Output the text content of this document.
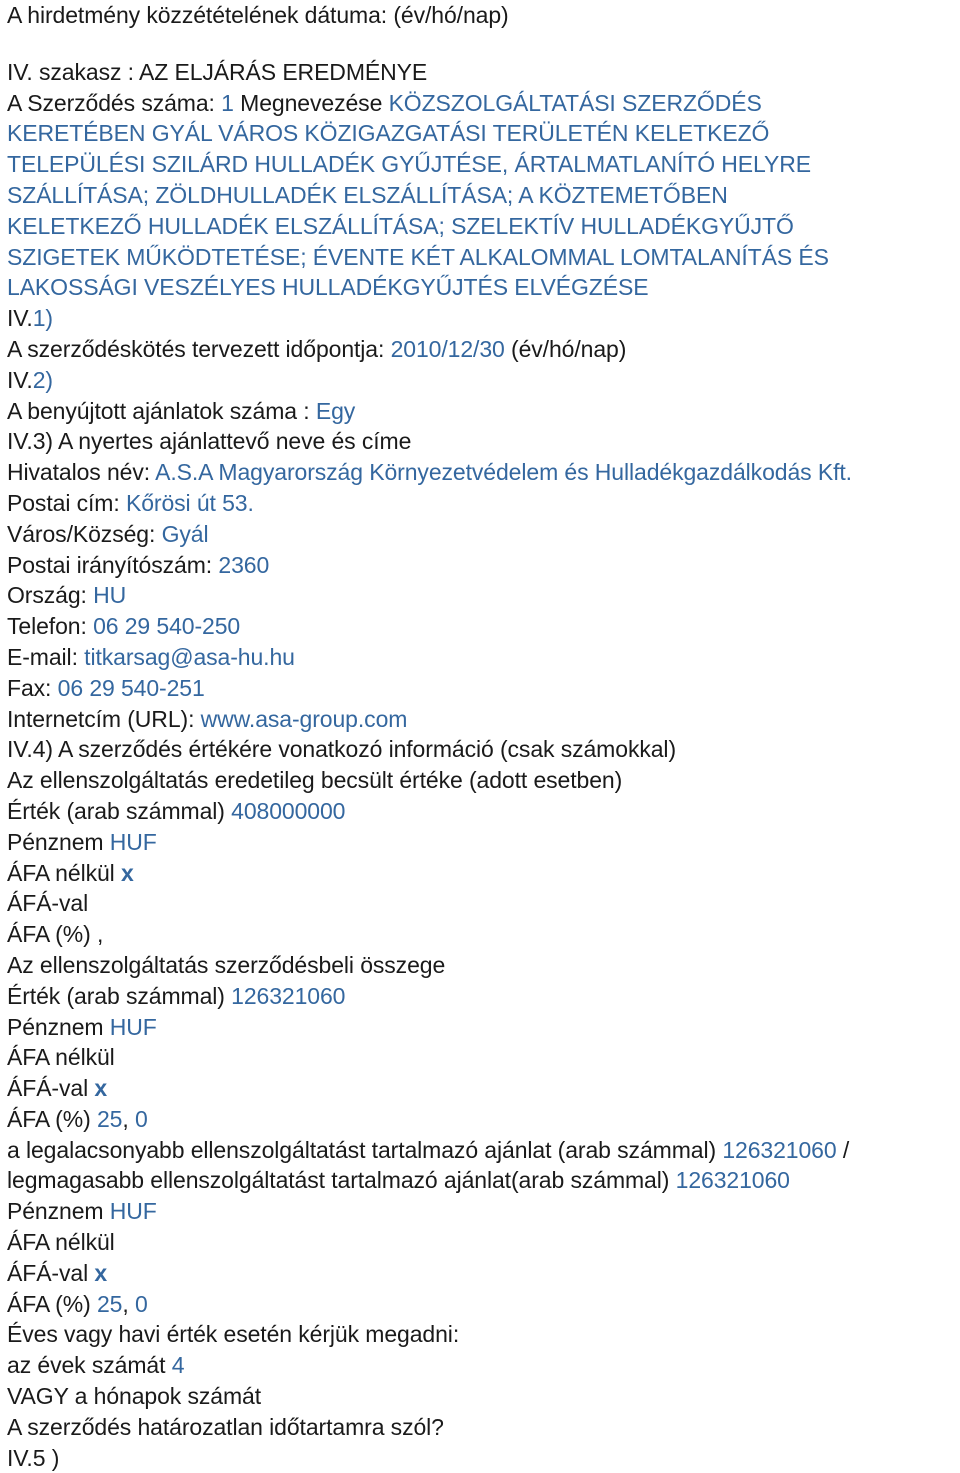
A hirdetmény közzétételének dátuma: (év/hó/nap)
IV. szakasz : AZ ELJÁRÁS EREDMÉNYE
A Szerződés száma: 1 Megnevezése KÖZSZOLGÁLTATÁSI SZERZŐDÉS
KERETÉBEN GYÁL VÁROS KÖZIGAZGATÁSI TERÜLETÉN KELETKEZŐ
TELEPÜLÉSI SZILÁRD HULLADÉK GYŰJTÉSE, ÁRTALMATLANÍTÓ HELYRE
SZÁLLÍTÁSA; ZÖLDHULLADÉK ELSZÁLLÍTÁSA; A KÖZTEMETŐBEN
KELETKEZŐ HULLADÉK ELSZÁLLÍTÁSA; SZELEKTÍV HULLADÉKGYŰJTŐ
SZIGETEK MŰKÖDTETÉSE; ÉVENTE KÉT ALKALOMMAL LOMTALANÍTÁS ÉS
LAKOSSÁGI VESZÉLYES HULLADÉKGYŰJTÉS ELVÉGZÉSE
IV.1)
A szerződéskötés tervezett időpontja: 2010/12/30 (év/hó/nap)
IV.2)
A benyújtott ajánlatok száma : Egy
IV.3) A nyertes ajánlattevő neve és címe
Hivatalos név: A.S.A Magyarország Környezetvédelem és Hulladékgazdálkodás Kft.
Postai cím: Kőrösi út 53.
Város/Község: Gyál
Postai irányítószám: 2360
Ország: HU
Telefon: 06 29 540-250
E-mail: titkarsag@asa-hu.hu
Fax: 06 29 540-251
Internetcím (URL): www.asa-group.com
IV.4) A szerződés értékére vonatkozó információ (csak számokkal)
Az ellenszolgáltatás eredetileg becsült értéke (adott esetben)
Érték (arab számmal) 408000000
Pénznem HUF
ÁFA nélkül x
ÁFÁ-val
ÁFA (%) ,
Az ellenszolgáltatás szerződésbeli összege
Érték (arab számmal) 126321060
Pénznem HUF
ÁFA nélkül
ÁFÁ-val x
ÁFA (%) 25, 0
a legalacsonyabb ellenszolgáltatást tartalmazó ajánlat (arab számmal) 126321060 /
legmagasabb ellenszolgáltatást tartalmazó ajánlat(arab számmal) 126321060
Pénznem HUF
ÁFA nélkül
ÁFÁ-val x
ÁFA (%) 25, 0
Éves vagy havi érték esetén kérjük megadni:
az évek számát 4
VAGY a hónapok számát
A szerződés határozatlan időtartamra szól?
IV.5 )
